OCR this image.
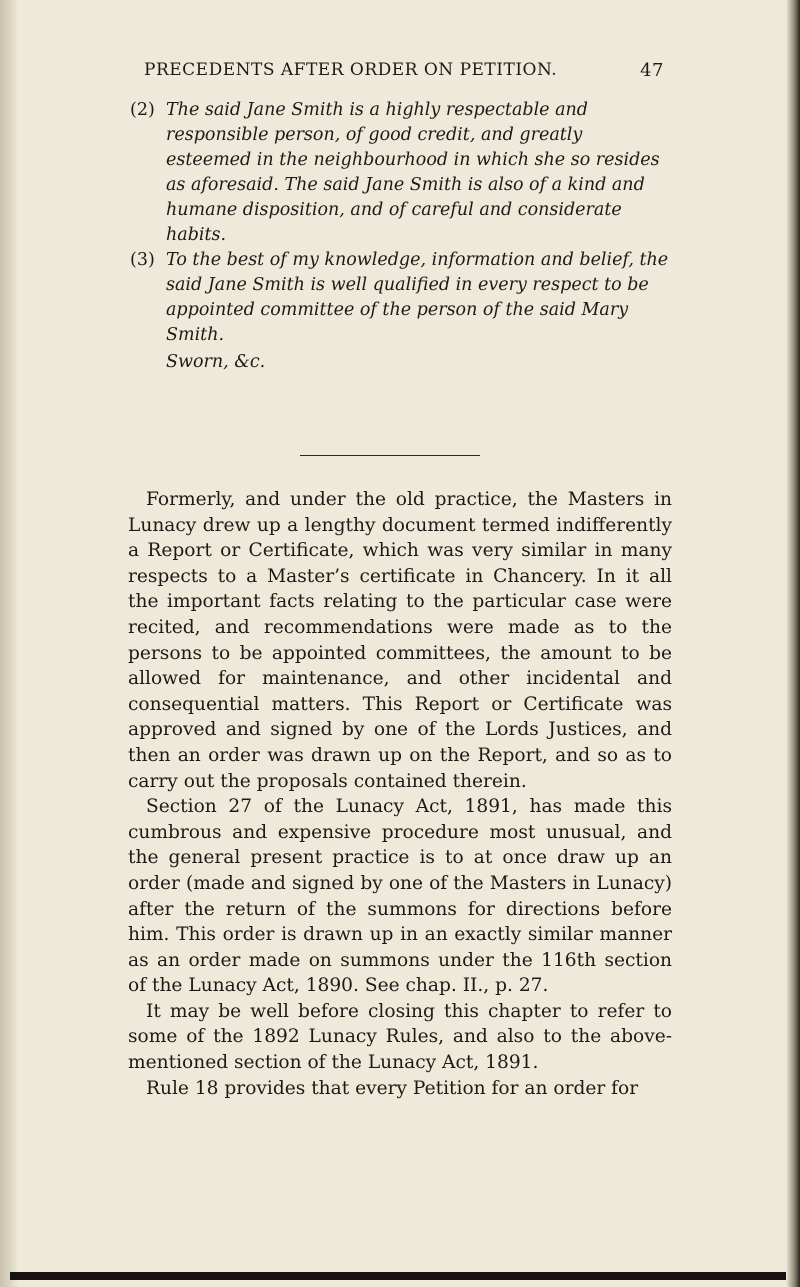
PRECEDENTS AFTER ORDER ON PETITION.	47
(2) The said Jane Smith is a highly respectable and responsible person, of good credit, and greatly esteemed in the neighbourhood in which she so resides as aforesaid. The said Jane Smith is also of a kind and humane disposition, and of careful and considerate habits.
(3) To the best of my knowledge, information and belief, the said Jane Smith is well qualified in every respect to be appointed committee of the person of the said Mary Smith.
Sworn, &c.

Formerly, and under the old practice, the Masters in Lunacy drew up a lengthy document termed indifferently a Report or Certificate, which was very similar in many respects to a Master’s certificate in Chancery. In it all the important facts relating to the particular case were recited, and recommendations were made as to the persons to be appointed committees, the amount to be allowed for maintenance, and other incidental and consequential matters. This Report or Certificate was approved and signed by one of the Lords Justices, and then an order was drawn up on the Report, and so as to carry out the proposals contained therein.

Section 27 of the Lunacy Act, 1891, has made this cumbrous and expensive procedure most unusual, and the general present practice is to at once draw up an order (made and signed by one of the Masters in Lunacy) after the return of the summons for directions before him. This order is drawn up in an exactly similar manner as an order made on summons under the 116th section of the Lunacy Act, 1890. See chap. II., p. 27.

It may be well before closing this chapter to refer to some of the 1892 Lunacy Rules, and also to the above-mentioned section of the Lunacy Act, 1891.

Rule 18 provides that every Petition for an order for
